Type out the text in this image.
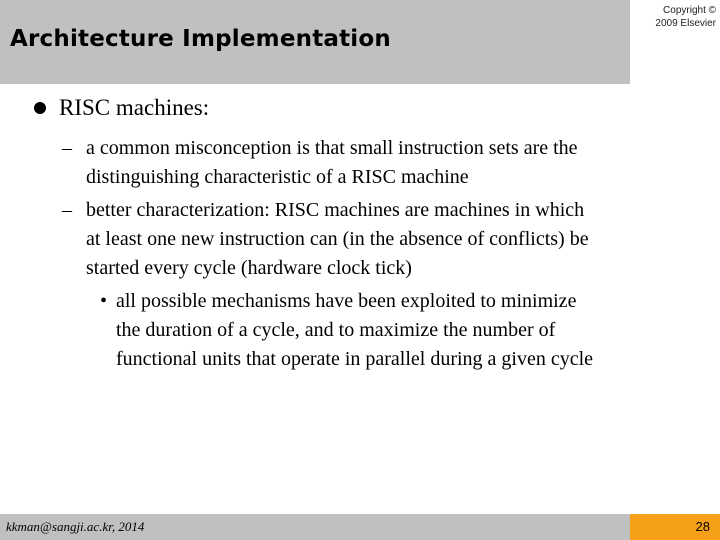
Architecture Implementation
Copyright ©
2009 Elsevier
RISC machines:
– a common misconception is that small instruction sets are the
distinguishing characteristic of a RISC machine
– better characterization: RISC machines are machines in which
at least one new instruction can (in the absence of conflicts) be
started every cycle (hardware clock tick)
• all possible mechanisms have been exploited to minimize
the duration of a cycle, and to maximize the number of
functional units that operate in parallel during a given cycle
kkman@sangji.ac.kr, 2014	28
